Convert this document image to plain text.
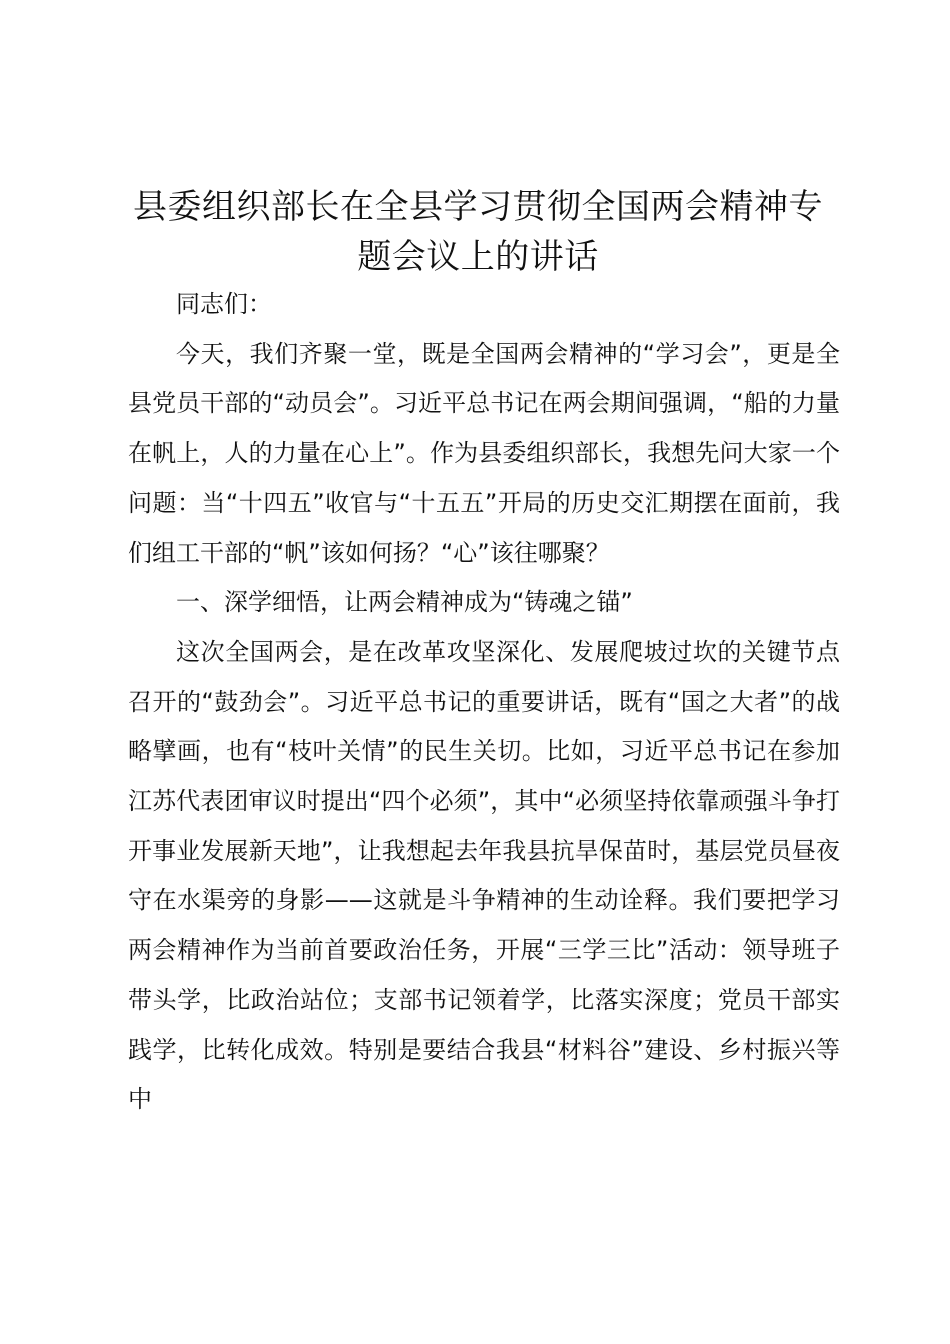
县委组织部长在全县学习贯彻全国两会精神专题会议上的讲话

同志们：

今天，我们齐聚一堂，既是全国两会精神的“学习会”，更是全县党员干部的“动员会”。习近平总书记在两会期间强调，“船的力量在帆上，人的力量在心上”。作为县委组织部长，我想先问大家一个问题：当“十四五”收官与“十五五”开局的历史交汇期摆在面前，我们组工干部的“帆”该如何扬？“心”该往哪聚？

一、深学细悟，让两会精神成为“铸魂之锚”

这次全国两会，是在改革攻坚深化、发展爬坡过坎的关键节点召开的“鼓劲会”。习近平总书记的重要讲话，既有“国之大者”的战略擘画，也有“枝叶关情”的民生关切。比如，习近平总书记在参加江苏代表团审议时提出“四个必须”，其中“必须坚持依靠顽强斗争打开事业发展新天地”，让我想起去年我县抗旱保苗时，基层党员昼夜守在水渠旁的身影——这就是斗争精神的生动诠释。我们要把学习两会精神作为当前首要政治任务，开展“三学三比”活动：领导班子带头学，比政治站位；支部书记领着学，比落实深度；党员干部实践学，比转化成效。特别是要结合我县“材料谷”建设、乡村振兴等中
